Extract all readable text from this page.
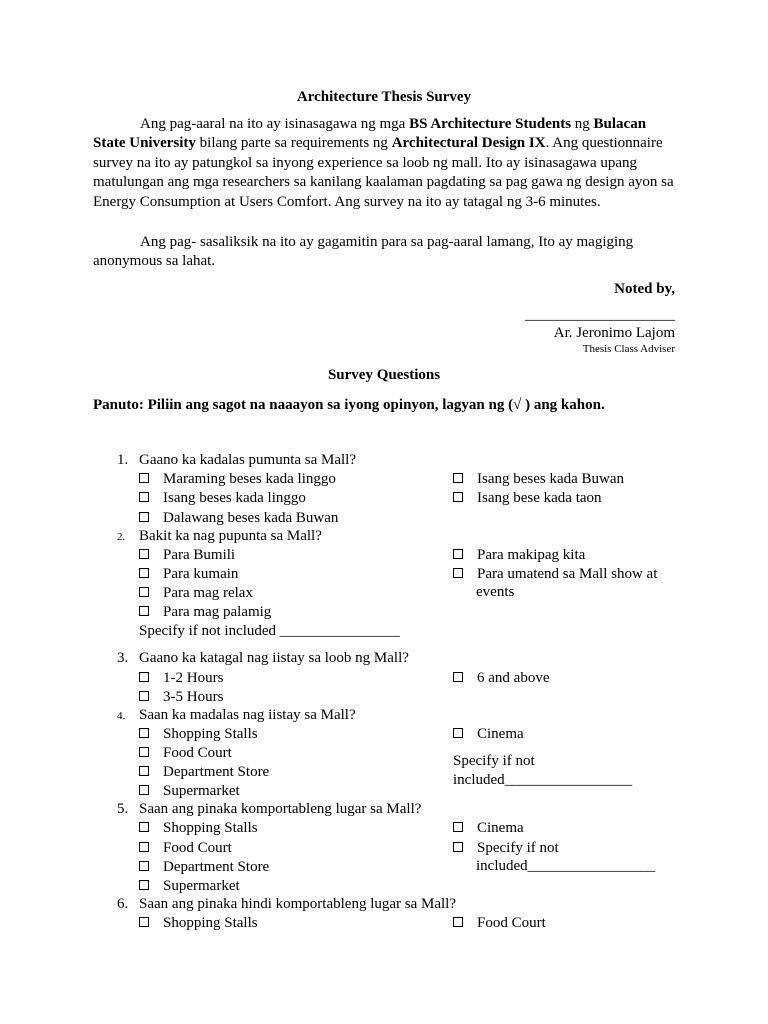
Architecture Thesis Survey
Ang pag-aaral na ito ay isinasagawa ng mga BS Architecture Students ng Bulacan State University bilang parte sa requirements ng Architectural Design IX. Ang questionnaire survey na ito ay patungkol sa inyong experience sa loob ng mall. Ito ay isinasagawa upang matulungan ang mga researchers sa kanilang kaalaman pagdating sa pag gawa ng design ayon sa Energy Consumption at Users Comfort. Ang survey na ito ay tatagal ng 3-6 minutes.
Ang pag- sasaliksik na ito ay gagamitin para sa pag-aaral lamang, Ito ay magiging anonymous sa lahat.
Noted by,
____________________
Ar. Jeronimo Lajom
Thesis Class Adviser
Survey Questions
Panuto: Piliin ang sagot na naaayon sa iyong opinyon, lagyan ng (√ ) ang kahon.
1. Gaano ka kadalas pumunta sa Mall?
Maraming beses kada linggo
Isang beses kada linggo
Dalawang beses kada Buwan
Isang beses kada Buwan
Isang bese kada taon
2. Bakit ka nag pupunta sa Mall?
Para Bumili
Para kumain
Para mag relax
Para mag palamig
Specify if not included ________________
Para makipag kita
Para umatend sa Mall show at
events
3. Gaano ka katagal nag iistay sa loob ng Mall?
1-2 Hours
3-5 Hours
6 and above
4. Saan ka madalas nag iistay sa Mall?
Shopping Stalls
Food Court
Department Store
Supermarket
Cinema
Specify if not
included_________________
5. Saan ang pinaka komportableng lugar sa Mall?
Shopping Stalls
Food Court
Department Store
Supermarket
Cinema
Specify if not
included_________________
6. Saan ang pinaka hindi komportableng lugar sa Mall?
Shopping Stalls	Food Court
